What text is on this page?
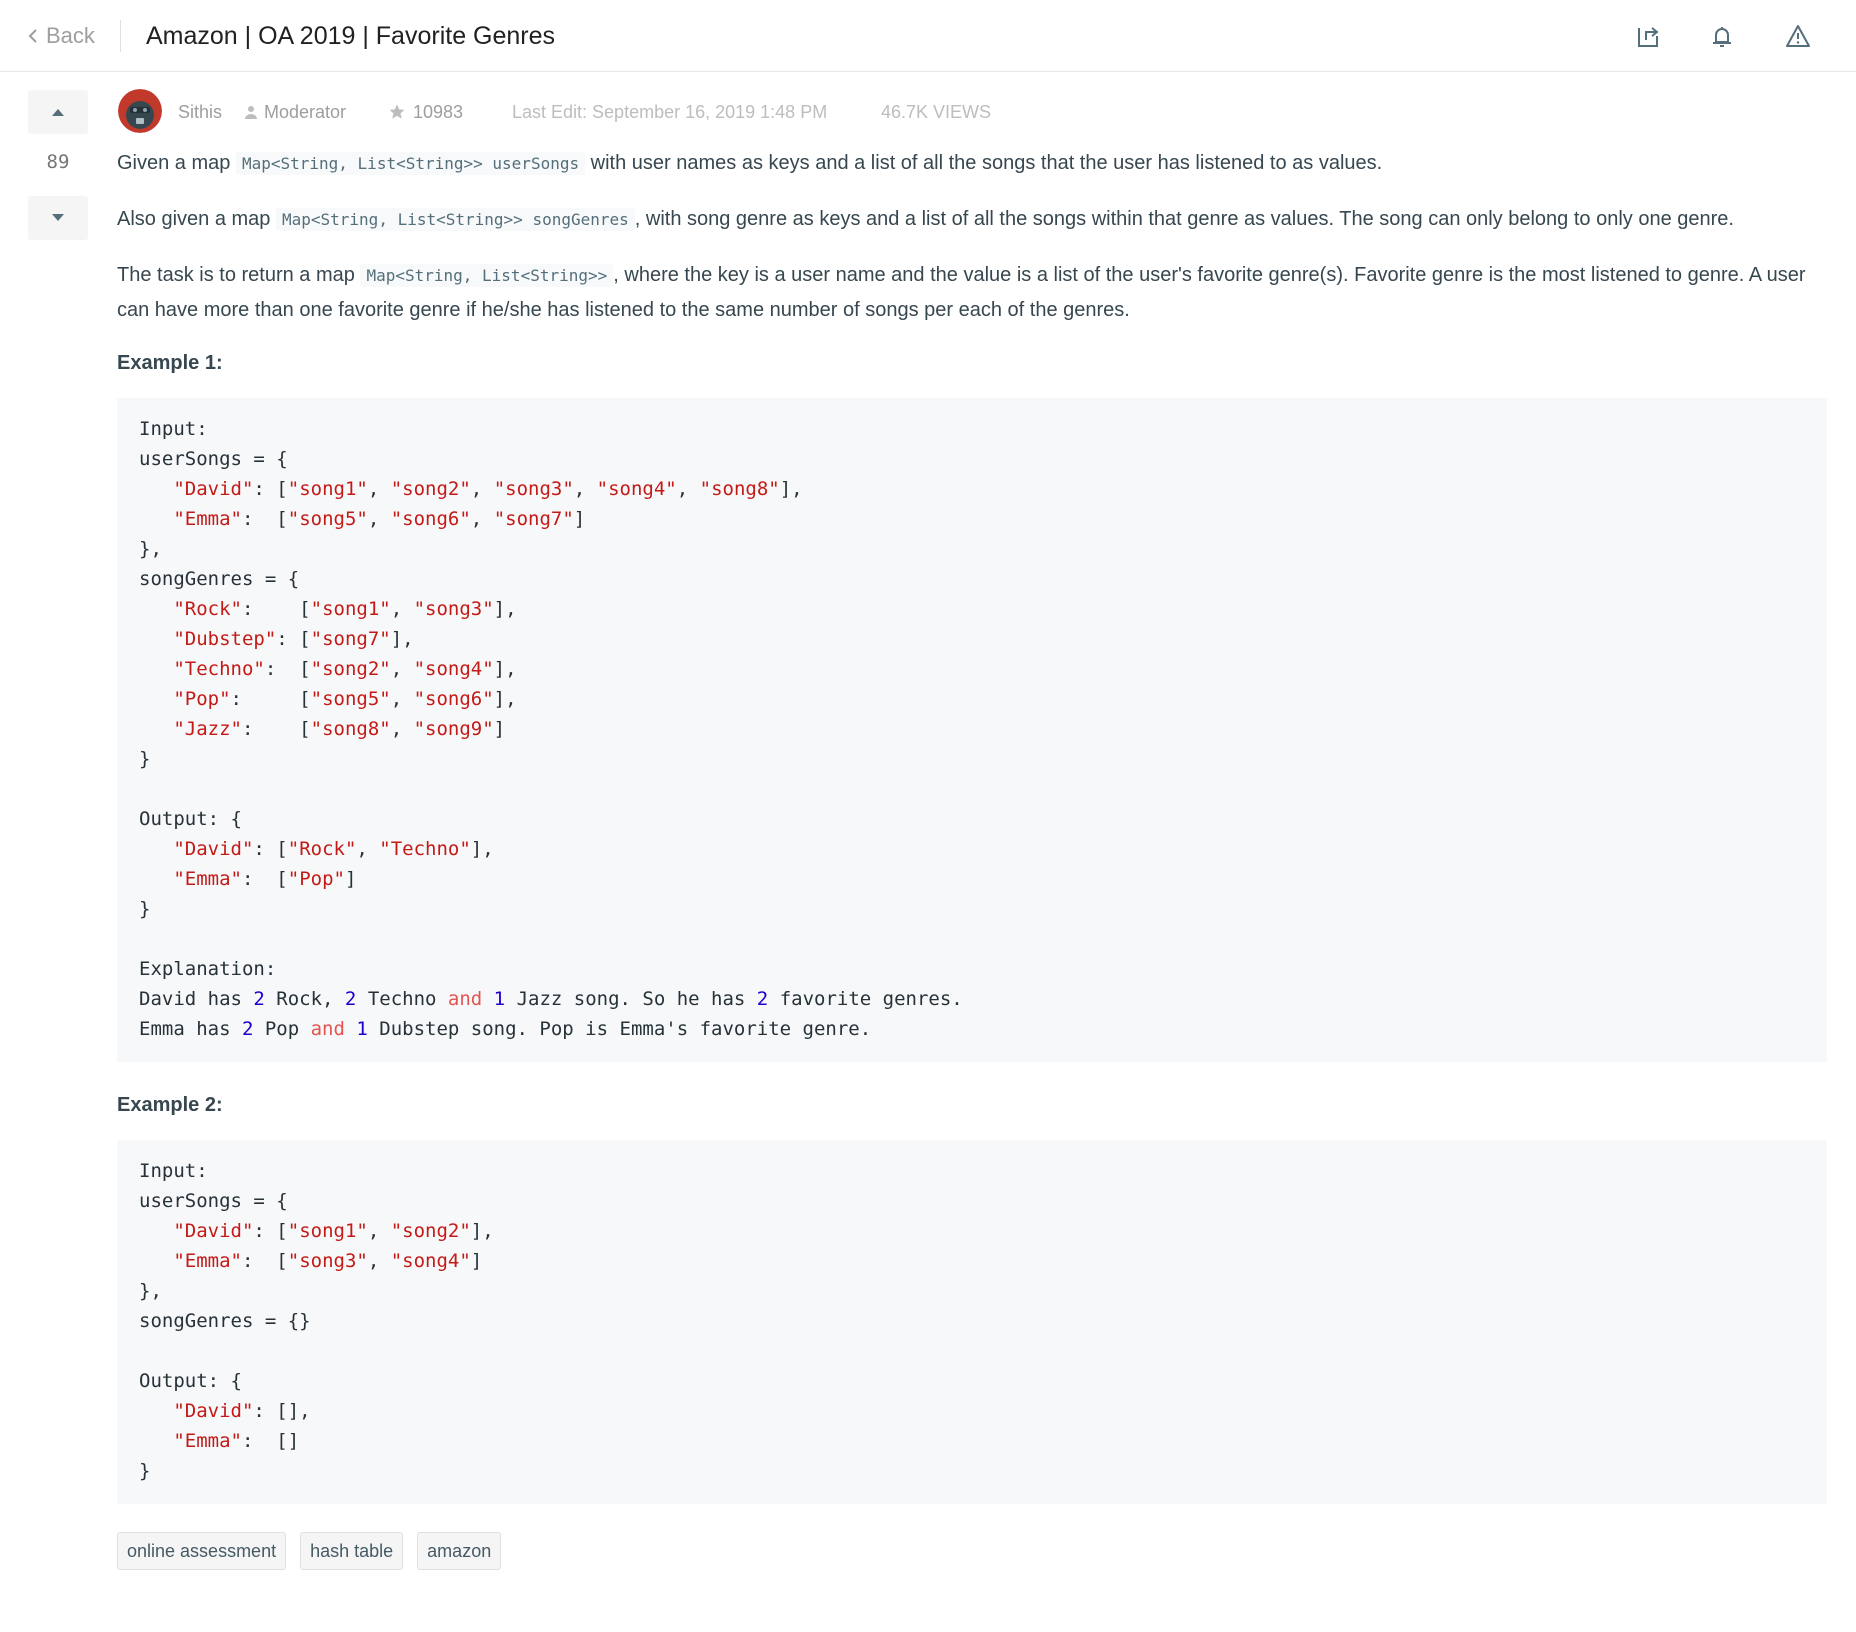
Back Amazon | OA 2019 | Favorite Genres
89
Sithis Moderator	10983	Last Edit: September 16, 2019 1:48 PM	46.7K VIEWS

Given a map Map<String, List<String>> userSongs with user names as keys and a list of all the songs that the user has listened to as values.

Also given a map Map<String, List<String>> songGenres , with song genre as keys and a list of all the songs within that genre as values. The song can only belong to only one genre.

The task is to return a map Map<String, List<String>> , where the key is a user name and the value is a list of the user's favorite genre(s). Favorite genre is the most listened to genre. A user can have more than one favorite genre if he/she has listened to the same number of songs per each of the genres.

Example 1:
Input:
userSongs = {
"David": ["song1", "song2", "song3", "song4", "song8"],
"Emma":  ["song5", "song6", "song7"]
},
songGenres = {
"Rock":    ["song1", "song3"],
"Dubstep": ["song7"],
"Techno":  ["song2", "song4"],
"Pop":     ["song5", "song6"],
"Jazz":    ["song8", "song9"]
}

Output: {
"David": ["Rock", "Techno"],
"Emma":  ["Pop"]
}

Explanation:
David has 2 Rock, 2 Techno and 1 Jazz song. So he has 2 favorite genres.
Emma has 2 Pop and 1 Dubstep song. Pop is Emma's favorite genre.
Example 2:
Input:
userSongs = {
"David": ["song1", "song2"],
"Emma":  ["song3", "song4"]
},
songGenres = {}

Output: {
"David": [],
"Emma":  []
}
online assessment	hash table	amazon
